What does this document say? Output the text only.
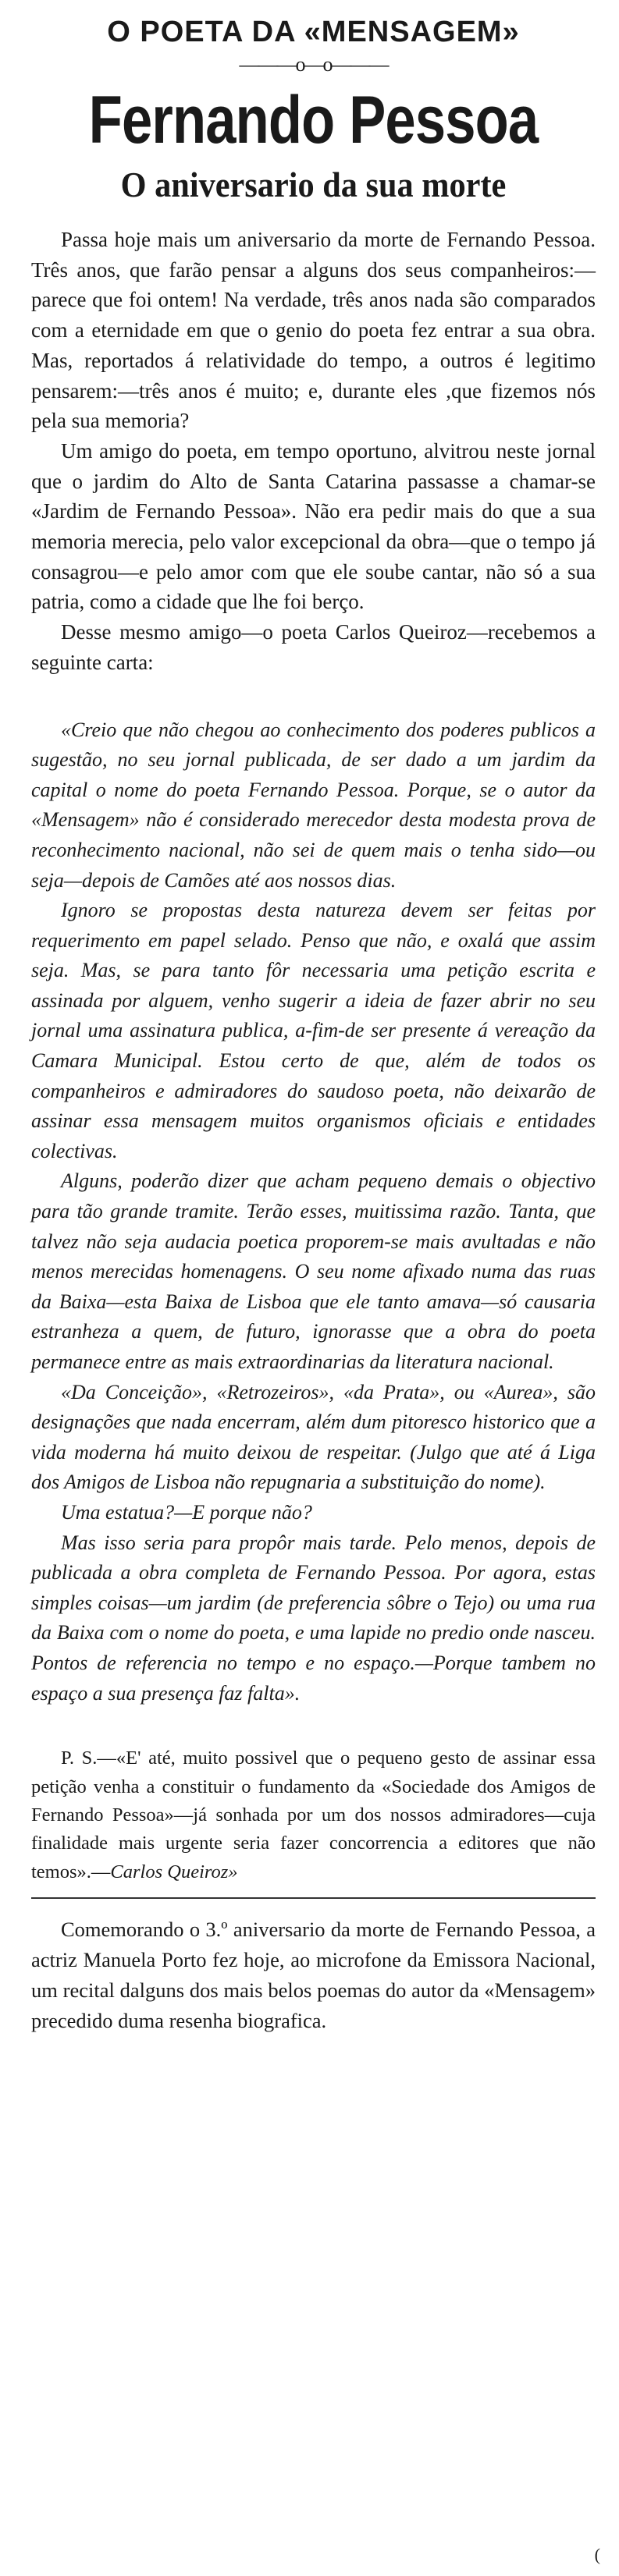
O POETA DA «MENSAGEM»
———o—o———
Fernando Pessoa
O aniversario da sua morte

Passa hoje mais um aniversario da morte de Fernando Pessoa. Três anos, que farão pensar a alguns dos seus companheiros:—parece que foi ontem! Na verdade, três anos nada são comparados com a eternidade em que o genio do poeta fez entrar a sua obra. Mas, reportados á relatividade do tempo, a outros é legitimo pensarem:—três anos é muito; e, durante eles ,que fizemos nós pela sua memoria?

Um amigo do poeta, em tempo oportuno, alvitrou neste jornal que o jardim do Alto de Santa Catarina passasse a chamar-se «Jardim de Fernando Pessoa». Não era pedir mais do que a sua memoria merecia, pelo valor excepcional da obra—que o tempo já consagrou—e pelo amor com que ele soube cantar, não só a sua patria, como a cidade que lhe foi berço.

Desse mesmo amigo—o poeta Carlos Queiroz—recebemos a seguinte carta:

«Creio que não chegou ao conhecimento dos poderes publicos a sugestão, no seu jornal publicada, de ser dado a um jardim da capital o nome do poeta Fernando Pessoa. Porque, se o autor da «Mensagem» não é considerado merecedor desta modesta prova de reconhecimento nacional, não sei de quem mais o tenha sido—ou seja—depois de Camões até aos nossos dias.

Ignoro se propostas desta natureza devem ser feitas por requerimento em papel selado. Penso que não, e oxalá que assim seja. Mas, se para tanto fôr necessaria uma petição escrita e assinada por alguem, venho sugerir a ideia de fazer abrir no seu jornal uma assinatura publica, a-fim-de ser presente á vereação da Camara Municipal. Estou certo de que, além de todos os companheiros e admiradores do saudoso poeta, não deixarão de assinar essa mensagem muitos organismos oficiais e entidades colectivas.

Alguns, poderão dizer que acham pequeno demais o objectivo para tão grande tramite. Terão esses, muitissima razão. Tanta, que talvez não seja audacia poetica proporem-se mais avultadas e não menos merecidas homenagens. O seu nome afixado numa das ruas da Baixa—esta Baixa de Lisboa que ele tanto amava—só causaria estranheza a quem, de futuro, ignorasse que a obra do poeta permanece entre as mais extraordinarias da literatura nacional.

«Da Conceição», «Retrozeiros», «da Prata», ou «Aurea», são designações que nada encerram, além dum pitoresco historico que a vida moderna há muito deixou de respeitar. (Julgo que até á Liga dos Amigos de Lisboa não repugnaria a substituição do nome).

Uma estatua?—E porque não?

Mas isso seria para propôr mais tarde. Pelo menos, depois de publicada a obra completa de Fernando Pessoa. Por agora, estas simples coisas—um jardim (de preferencia sôbre o Tejo) ou uma rua da Baixa com o nome do poeta, e uma lapide no predio onde nasceu. Pontos de referencia no tempo e no espaço.—Porque tambem no espaço a sua presença faz falta».

P. S.—«E' até, muito possivel que o pequeno gesto de assinar essa petição venha a constituir o fundamento da «Sociedade dos Amigos de Fernando Pessoa»—já sonhada por um dos nossos admiradores—cuja finalidade mais urgente seria fazer concorrencia a editores que não temos».—Carlos Queiroz»

Comemorando o 3.º aniversario da morte de Fernando Pessoa, a actriz Manuela Porto fez hoje, ao microfone da Emissora Nacional, um recital dalguns dos mais belos poemas do autor da «Mensagem» precedido duma resenha biografica.

(
